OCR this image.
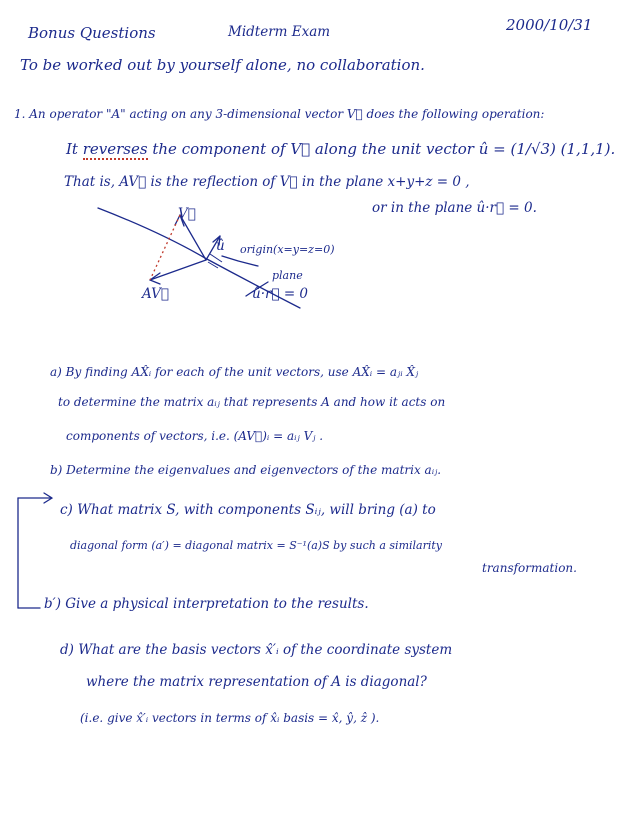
Bonus Questions	Midterm Exam	2000/10/31
To be worked out by yourself alone, no collaboration.
1. An operator "A" acting on any 3-dimensional vector V⃗ does the following operation:
It reverses the component of V⃗ along the unit vector û = (1/√3) (1,1,1).
That is, AV⃗ is the reflection of V⃗ in the plane x+y+z = 0 ,
or in the plane û·r⃗ = 0.
V⃗
û origin(x=y=z=0)
AV⃗
plane
û·r⃗ = 0
a) By finding AX̂ᵢ for each of the unit vectors, use AX̂ᵢ = aⱼᵢ X̂ⱼ
to determine the matrix aᵢⱼ that represents A and how it acts on
components of vectors, i.e. (AV⃗)ᵢ = aᵢⱼ Vⱼ .
b) Determine the eigenvalues and eigenvectors of the matrix aᵢⱼ.
c) What matrix S, with components Sᵢⱼ, will bring (a) to
diagonal form (a′) = diagonal matrix = S⁻¹(a)S by such a similarity
transformation.
b′) Give a physical interpretation to the results.
d) What are the basis vectors x̂′ᵢ of the coordinate system
where the matrix representation of A is diagonal?
(i.e. give x̂′ᵢ vectors in terms of x̂ᵢ basis = x̂, ŷ, ẑ ).
